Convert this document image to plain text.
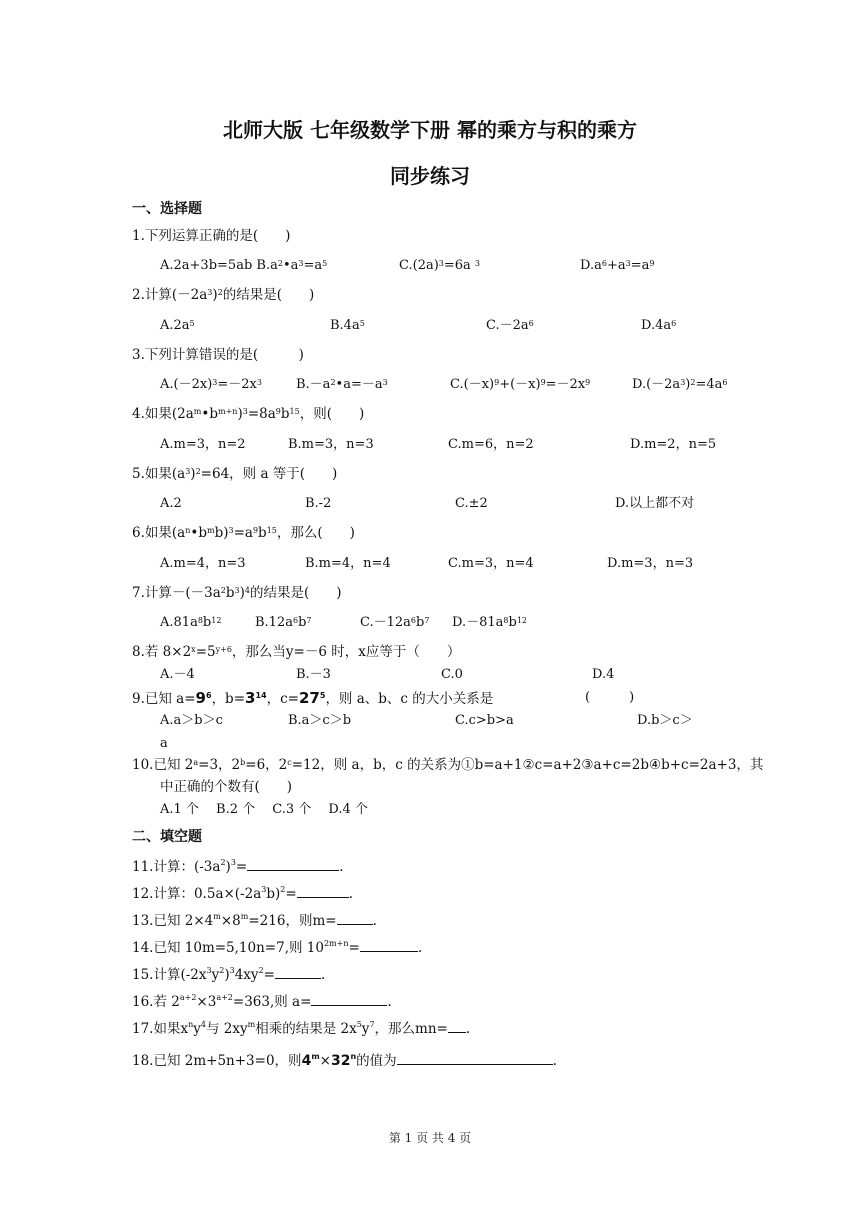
北师大版 七年级数学下册 幂的乘方与积的乘方
同步练习
一、选择题
1.下列运算正确的是(　　)
A.2a+3b=5ab $B.a^2•a^3=a^5$	$C.(2a)^3=6a$ $^3$	$D.a^6+a^3=a^9$
2.计算$(-2a^3)^2$的结果是(　　)
$A.2a^5$	$B.4a^5$	$C.-2a^6$	$D.4a^6$
3.下列计算错误的是(　　　)
$A.(-2x)^3=-2x^3$	$B.-a^2•a=-a^3$	$C.(-x)^9+(-x)^9=-2x^9$	$D.(-2a^3)^2=4a^6$
4.如果$(2a^m•b^{m+n})^3=8a^9b^{15}$，则(　　)
A.m=3，n=2	B.m=3，n=3	C.m=6，n=2	D.m=2，n=5
5.如果$(a^3)^2=64$，则 a 等于(　　)
A.2	B.-2	C.±2	D.以上都不对
6.如果$(a^n•b^mb)^3=a^9b^{15}$，那么(　　)
A.m=4，n=3	B.m=4，n=4	C.m=3，n=4	D.m=3，n=3
7.计算$-(-3a^2b^3)^4$的结果是(　　)
$A.81a^8b^{12}$	$B.12a^6b^7$	$C.-12a^6b^7$ $D.-81a^8b^{12}$
8.若 $8\times 2^x=5^{y+6}$，那么当y=－6 时，x应等于（　　）
A.－4	B.－3	C.0	D.4
9.已知 $a=9^6$，$b=3^{14}$，$c=27^5$，则 a、b、c 的大小关系是	(　　　)
A.a＞b＞c	B.a＞c＞b	C.c>b>a	D.b＞c＞
a
10.已知 $2^a=3$，$2^b=6$，$2^c=12$，则 a，b，c 的关系为①b=a+1②c=a+2③a+c=2b④b+c=2a+3，其
中正确的个数有(　　)
A.1 个　 B.2 个　 C.3 个　 D.4 个
二、填空题
11.计算：$(-3a^2)^3=$	.
12.计算：$0.5a\times(-2a^3b)^2=$	.
13.已知 $2\times 4^m\times 8^m=216$，则m=	.
14.已知 10m=5,10n=7,则 $10^{2m+n}=$	.
15.计算$(-2x^3y^2)^34xy^2=$	.
16.若 $2^{a+2}\times 3^{a+2}=363$,则 a=	.
17.如果$x^ny^4$与 $2xy^m$相乘的结果是 $2x^5y^7$，那么mn= .
18.已知 2m+5n+3=0，则$4^m\times 32^n$的值为	.
第 1 页 共 4 页
